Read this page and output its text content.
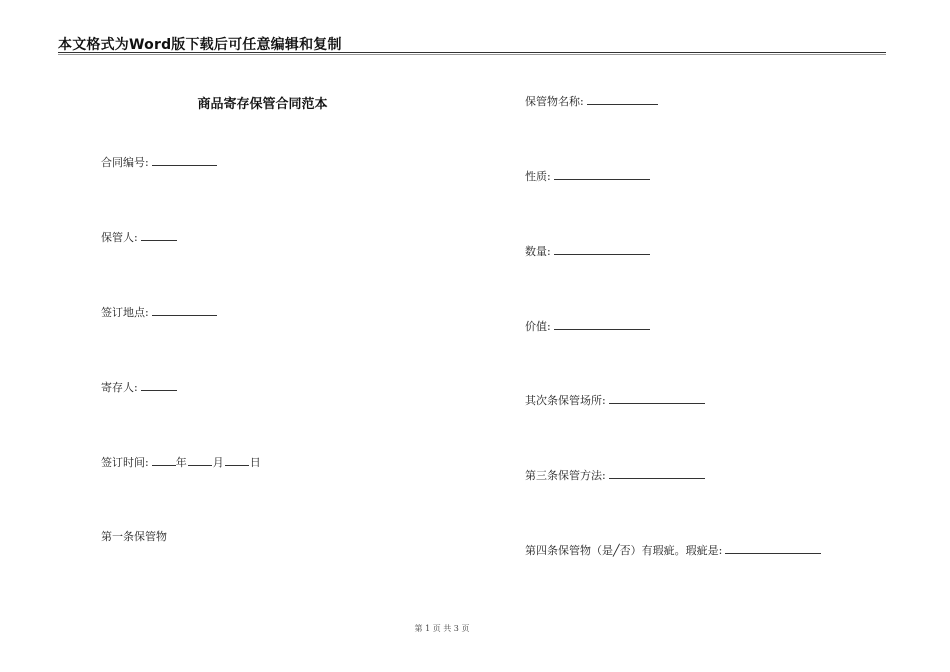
本文格式为Word版下载后可任意编辑和复制
商品寄存保管合同范本
合同编号:
保管人:
签订地点:
寄存人:
签订时间: 年 月 日
第一条保管物
保管物名称:
性质:
数量:
价值:
其次条保管场所:
第三条保管方法:
第四条保管物（是╱否）有瑕疵。瑕疵是:
第 1 页 共 3 页
